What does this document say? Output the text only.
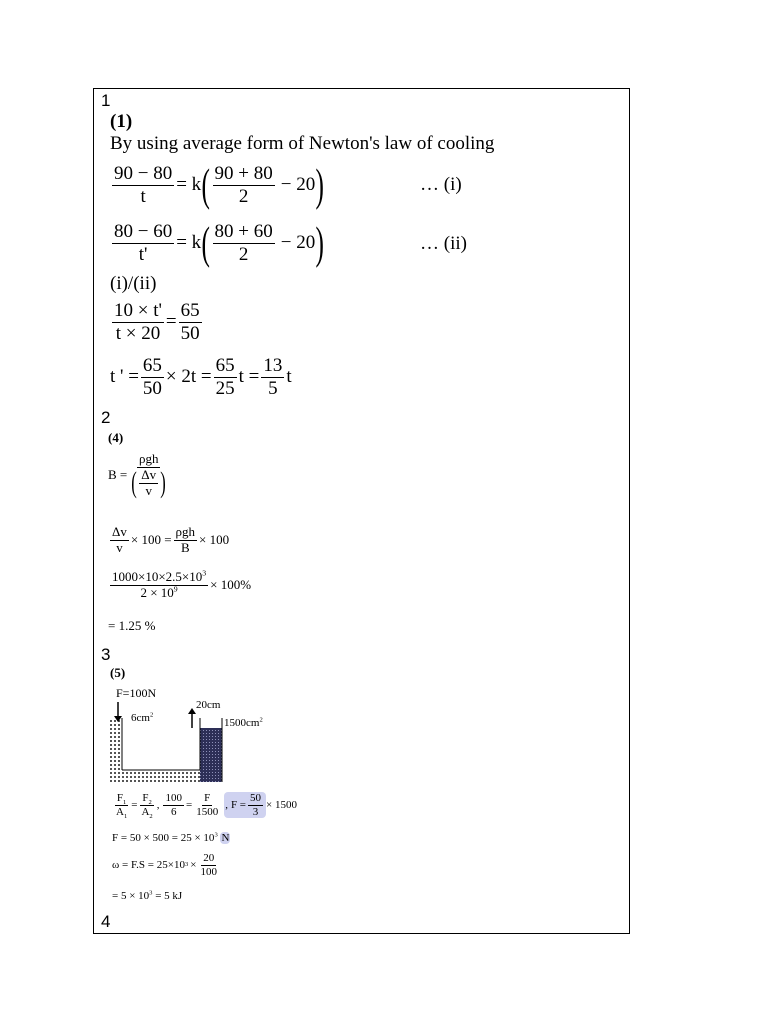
1
(1)
By using average form of Newton's law of cooling
$\frac{90 - 80}{t} = k$ ( $\frac{90 + 80}{2} - 20$ )	… (i)
$\frac{80 - 60}{t'} = k$ ( $\frac{80 + 60}{2} - 20$ )	… (ii)
(i)/(ii)
$\frac{10 \times t'}{t \times 20} = \frac{65}{50}$
t ' = $\frac{65}{50} \times 2t = \frac{65}{25}$ $t = \frac{13}{5}$ t
2
(4)
$B = \frac{\text{ρgh}}{( \frac{\Delta v}{v} )}$
$\frac{\Delta v}{v} \times 100 = \frac{\text{ρgh}}{B} \times 100$
$\frac{1000\times 10\times 2.5\times 10^3}{2 \times 10^9} \times 100\%$
= 1.25 %
3
(5)
F=100N
$6cm^2$
20cm
$1500cm^2$
$\frac{F_1}{A_1} = \frac{F_2}{A_2}$ , $\frac{100}{6} = \frac{F}{1500}$ , $F = \frac{50}{3} \times 1500$
$F = 50 \times 500 = 25 \times 10^3$ N
ω = F.S = 25×10 $3 \times \frac{20}{100}$
= $5 \times 10^3 = 5$ kJ
4
